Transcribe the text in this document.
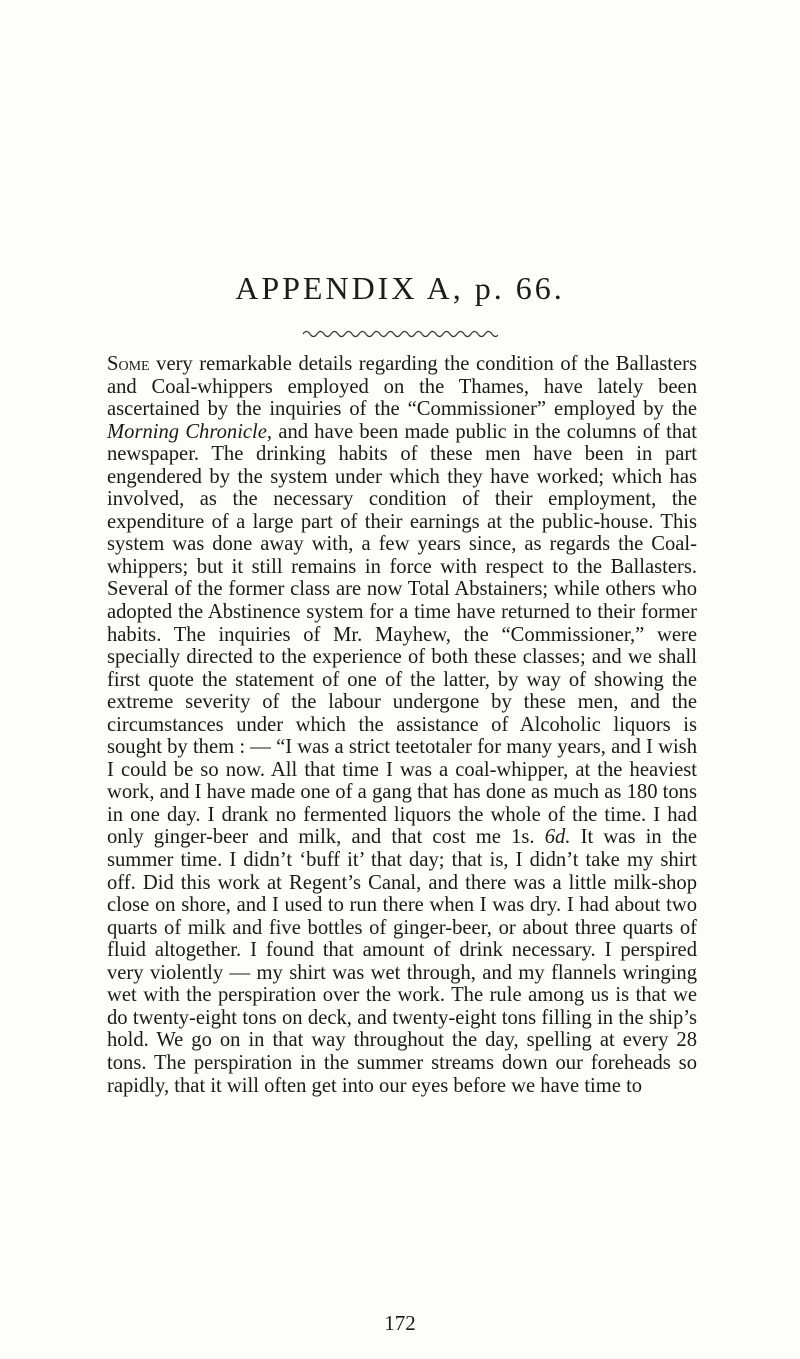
APPENDIX A, p. 66.

Some very remarkable details regarding the condition of the Ballasters and Coal-whippers employed on the Thames, have lately been ascertained by the inquiries of the “Commissioner” employed by the Morning Chronicle, and have been made public in the columns of that newspaper. The drinking habits of these men have been in part engendered by the system under which they have worked; which has involved, as the necessary condition of their employment, the expenditure of a large part of their earnings at the public-house. This system was done away with, a few years since, as regards the Coal-whippers; but it still remains in force with respect to the Ballasters. Several of the former class are now Total Abstainers; while others who adopted the Abstinence system for a time have returned to their former habits. The inquiries of Mr. Mayhew, the “Commissioner,” were specially directed to the experience of both these classes; and we shall first quote the statement of one of the latter, by way of showing the extreme severity of the labour undergone by these men, and the circumstances under which the assistance of Alcoholic liquors is sought by them : — “I was a strict teetotaler for many years, and I wish I could be so now. All that time I was a coal-whipper, at the heaviest work, and I have made one of a gang that has done as much as 180 tons in one day. I drank no fermented liquors the whole of the time. I had only ginger-beer and milk, and that cost me 1s. 6d. It was in the summer time. I didn’t ‘buff it’ that day; that is, I didn’t take my shirt off. Did this work at Regent’s Canal, and there was a little milk-shop close on shore, and I used to run there when I was dry. I had about two quarts of milk and five bottles of ginger-beer, or about three quarts of fluid altogether. I found that amount of drink necessary. I perspired very violently — my shirt was wet through, and my flannels wringing wet with the perspiration over the work. The rule among us is that we do twenty-eight tons on deck, and twenty-eight tons filling in the ship’s hold. We go on in that way throughout the day, spelling at every 28 tons. The perspiration in the summer streams down our foreheads so rapidly, that it will often get into our eyes before we have time to

172
